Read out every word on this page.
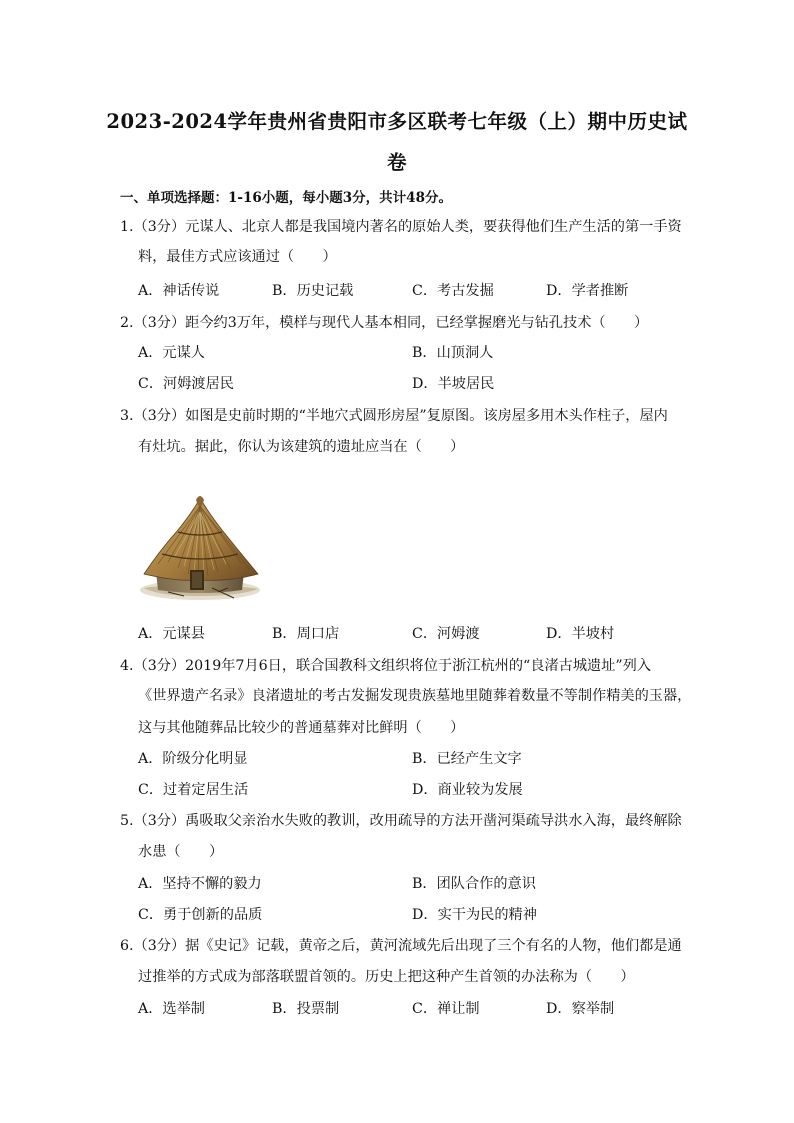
2023-2024学年贵州省贵阳市多区联考七年级（上）期中历史试
卷
一、单项选择题：1-16小题，每小题3分，共计48分。
1.（3分）元谋人、北京人都是我国境内著名的原始人类，要获得他们生产生活的第一手资
料，最佳方式应该通过（　　）
A．神话传说	B．历史记载	C．考古发掘	D．学者推断
2.（3分）距今约3万年，模样与现代人基本相同，已经掌握磨光与钻孔技术（　　）
A．元谋人	B．山顶洞人
C．河姆渡居民	D．半坡居民
3.（3分）如图是史前时期的“半地穴式圆形房屋”复原图。该房屋多用木头作柱子，屋内
有灶坑。据此，你认为该建筑的遗址应当在（　　）
A．元谋县	B．周口店	C．河姆渡	D．半坡村
4.（3分）2019年7月6日，联合国教科文组织将位于浙江杭州的“良渚古城遗址”列入
《世界遗产名录》良渚遗址的考古发掘发现贵族墓地里随葬着数量不等制作精美的玉器，
这与其他随葬品比较少的普通墓葬对比鲜明（　　）
A．阶级分化明显	B．已经产生文字
C．过着定居生活	D．商业较为发展
5.（3分）禹吸取父亲治水失败的教训，改用疏导的方法开凿河渠疏导洪水入海，最终解除
水患（　　）
A．坚持不懈的毅力	B．团队合作的意识
C．勇于创新的品质	D．实干为民的精神
6.（3分）据《史记》记载，黄帝之后，黄河流域先后出现了三个有名的人物，他们都是通
过推举的方式成为部落联盟首领的。历史上把这种产生首领的办法称为（　　）
A．选举制	B．投票制	C．禅让制	D．察举制
